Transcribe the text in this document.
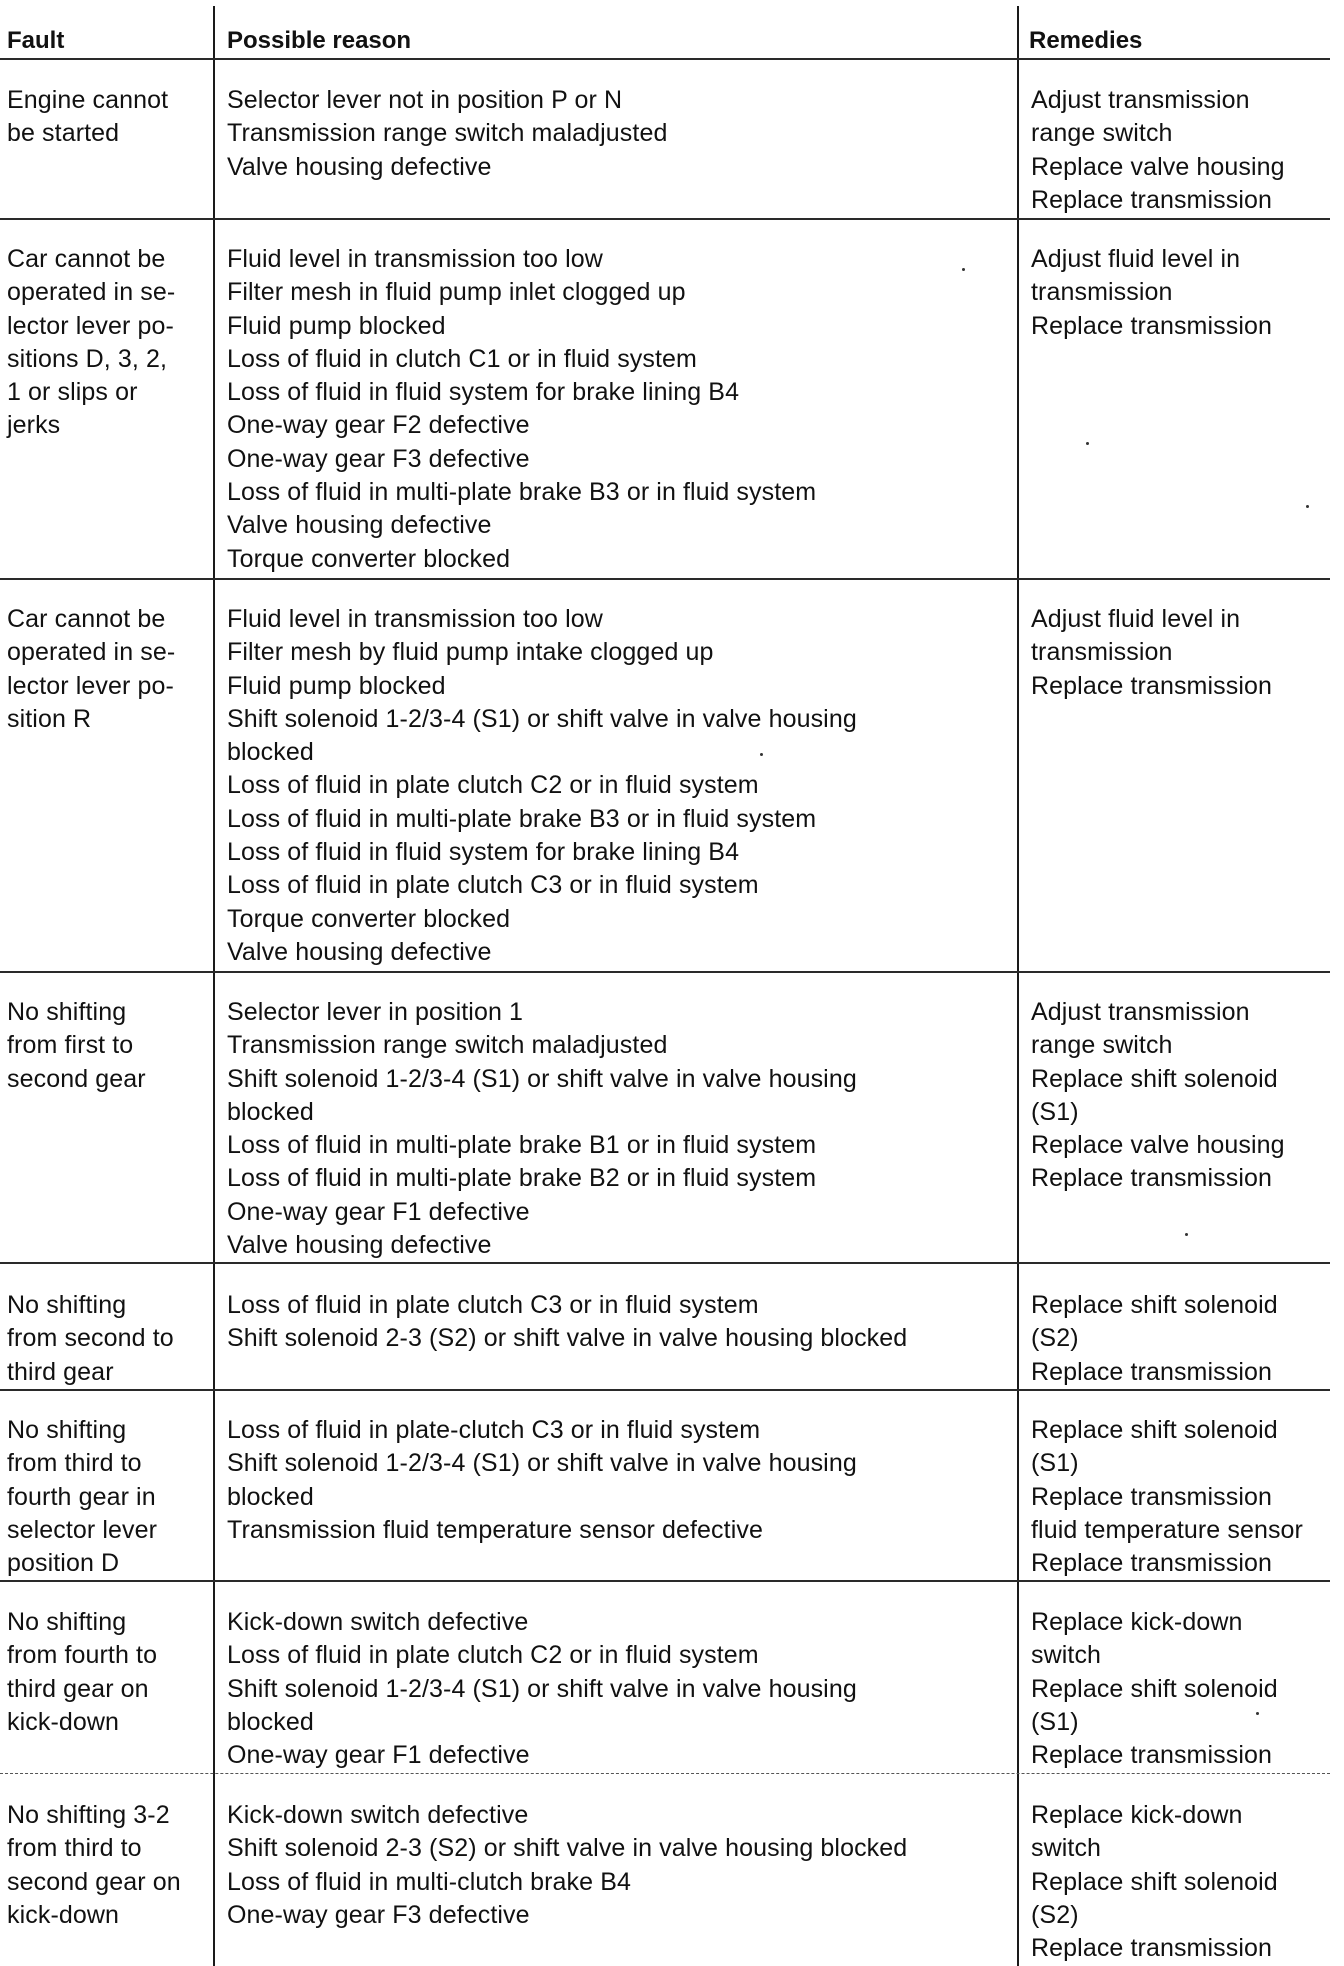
Fault	Possible reason	Remedies
Engine cannot
be started
Selector lever not in position P or N
Transmission range switch maladjusted
Valve housing defective
Adjust transmission
range switch
Replace valve housing
Replace transmission
Car cannot be
operated in se-
lector lever po-
sitions D, 3, 2,
1 or slips or
jerks
Fluid level in transmission too low
Filter mesh in fluid pump inlet clogged up
Fluid pump blocked
Loss of fluid in clutch C1 or in fluid system
Loss of fluid in fluid system for brake lining B4
One-way gear F2 defective
One-way gear F3 defective
Loss of fluid in multi-plate brake B3 or in fluid system
Valve housing defective
Torque converter blocked
Adjust fluid level in
transmission
Replace transmission
Car cannot be
operated in se-
lector lever po-
sition R
Fluid level in transmission too low
Filter mesh by fluid pump intake clogged up
Fluid pump blocked
Shift solenoid 1-2/3-4 (S1) or shift valve in valve housing
blocked
Loss of fluid in plate clutch C2 or in fluid system
Loss of fluid in multi-plate brake B3 or in fluid system
Loss of fluid in fluid system for brake lining B4
Loss of fluid in plate clutch C3 or in fluid system
Torque converter blocked
Valve housing defective
Adjust fluid level in
transmission
Replace transmission
No shifting
from first to
second gear
Selector lever in position 1
Transmission range switch maladjusted
Shift solenoid 1-2/3-4 (S1) or shift valve in valve housing
blocked
Loss of fluid in multi-plate brake B1 or in fluid system
Loss of fluid in multi-plate brake B2 or in fluid system
One-way gear F1 defective
Valve housing defective
Adjust transmission
range switch
Replace shift solenoid
(S1)
Replace valve housing
Replace transmission
No shifting
from second to
third gear
Loss of fluid in plate clutch C3 or in fluid system
Shift solenoid 2-3 (S2) or shift valve in valve housing blocked
Replace shift solenoid
(S2)
Replace transmission
No shifting
from third to
fourth gear in
selector lever
position D
Loss of fluid in plate-clutch C3 or in fluid system
Shift solenoid 1-2/3-4 (S1) or shift valve in valve housing
blocked
Transmission fluid temperature sensor defective
Replace shift solenoid
(S1)
Replace transmission
fluid temperature sensor
Replace transmission
No shifting
from fourth to
third gear on
kick-down
Kick-down switch defective
Loss of fluid in plate clutch C2 or in fluid system
Shift solenoid 1-2/3-4 (S1) or shift valve in valve housing
blocked
One-way gear F1 defective
Replace kick-down
switch
Replace shift solenoid
(S1)
Replace transmission
No shifting 3-2
from third to
second gear on
kick-down
Kick-down switch defective
Shift solenoid 2-3 (S2) or shift valve in valve housing blocked
Loss of fluid in multi-clutch brake B4
One-way gear F3 defective
Replace kick-down
switch
Replace shift solenoid
(S2)
Replace transmission
